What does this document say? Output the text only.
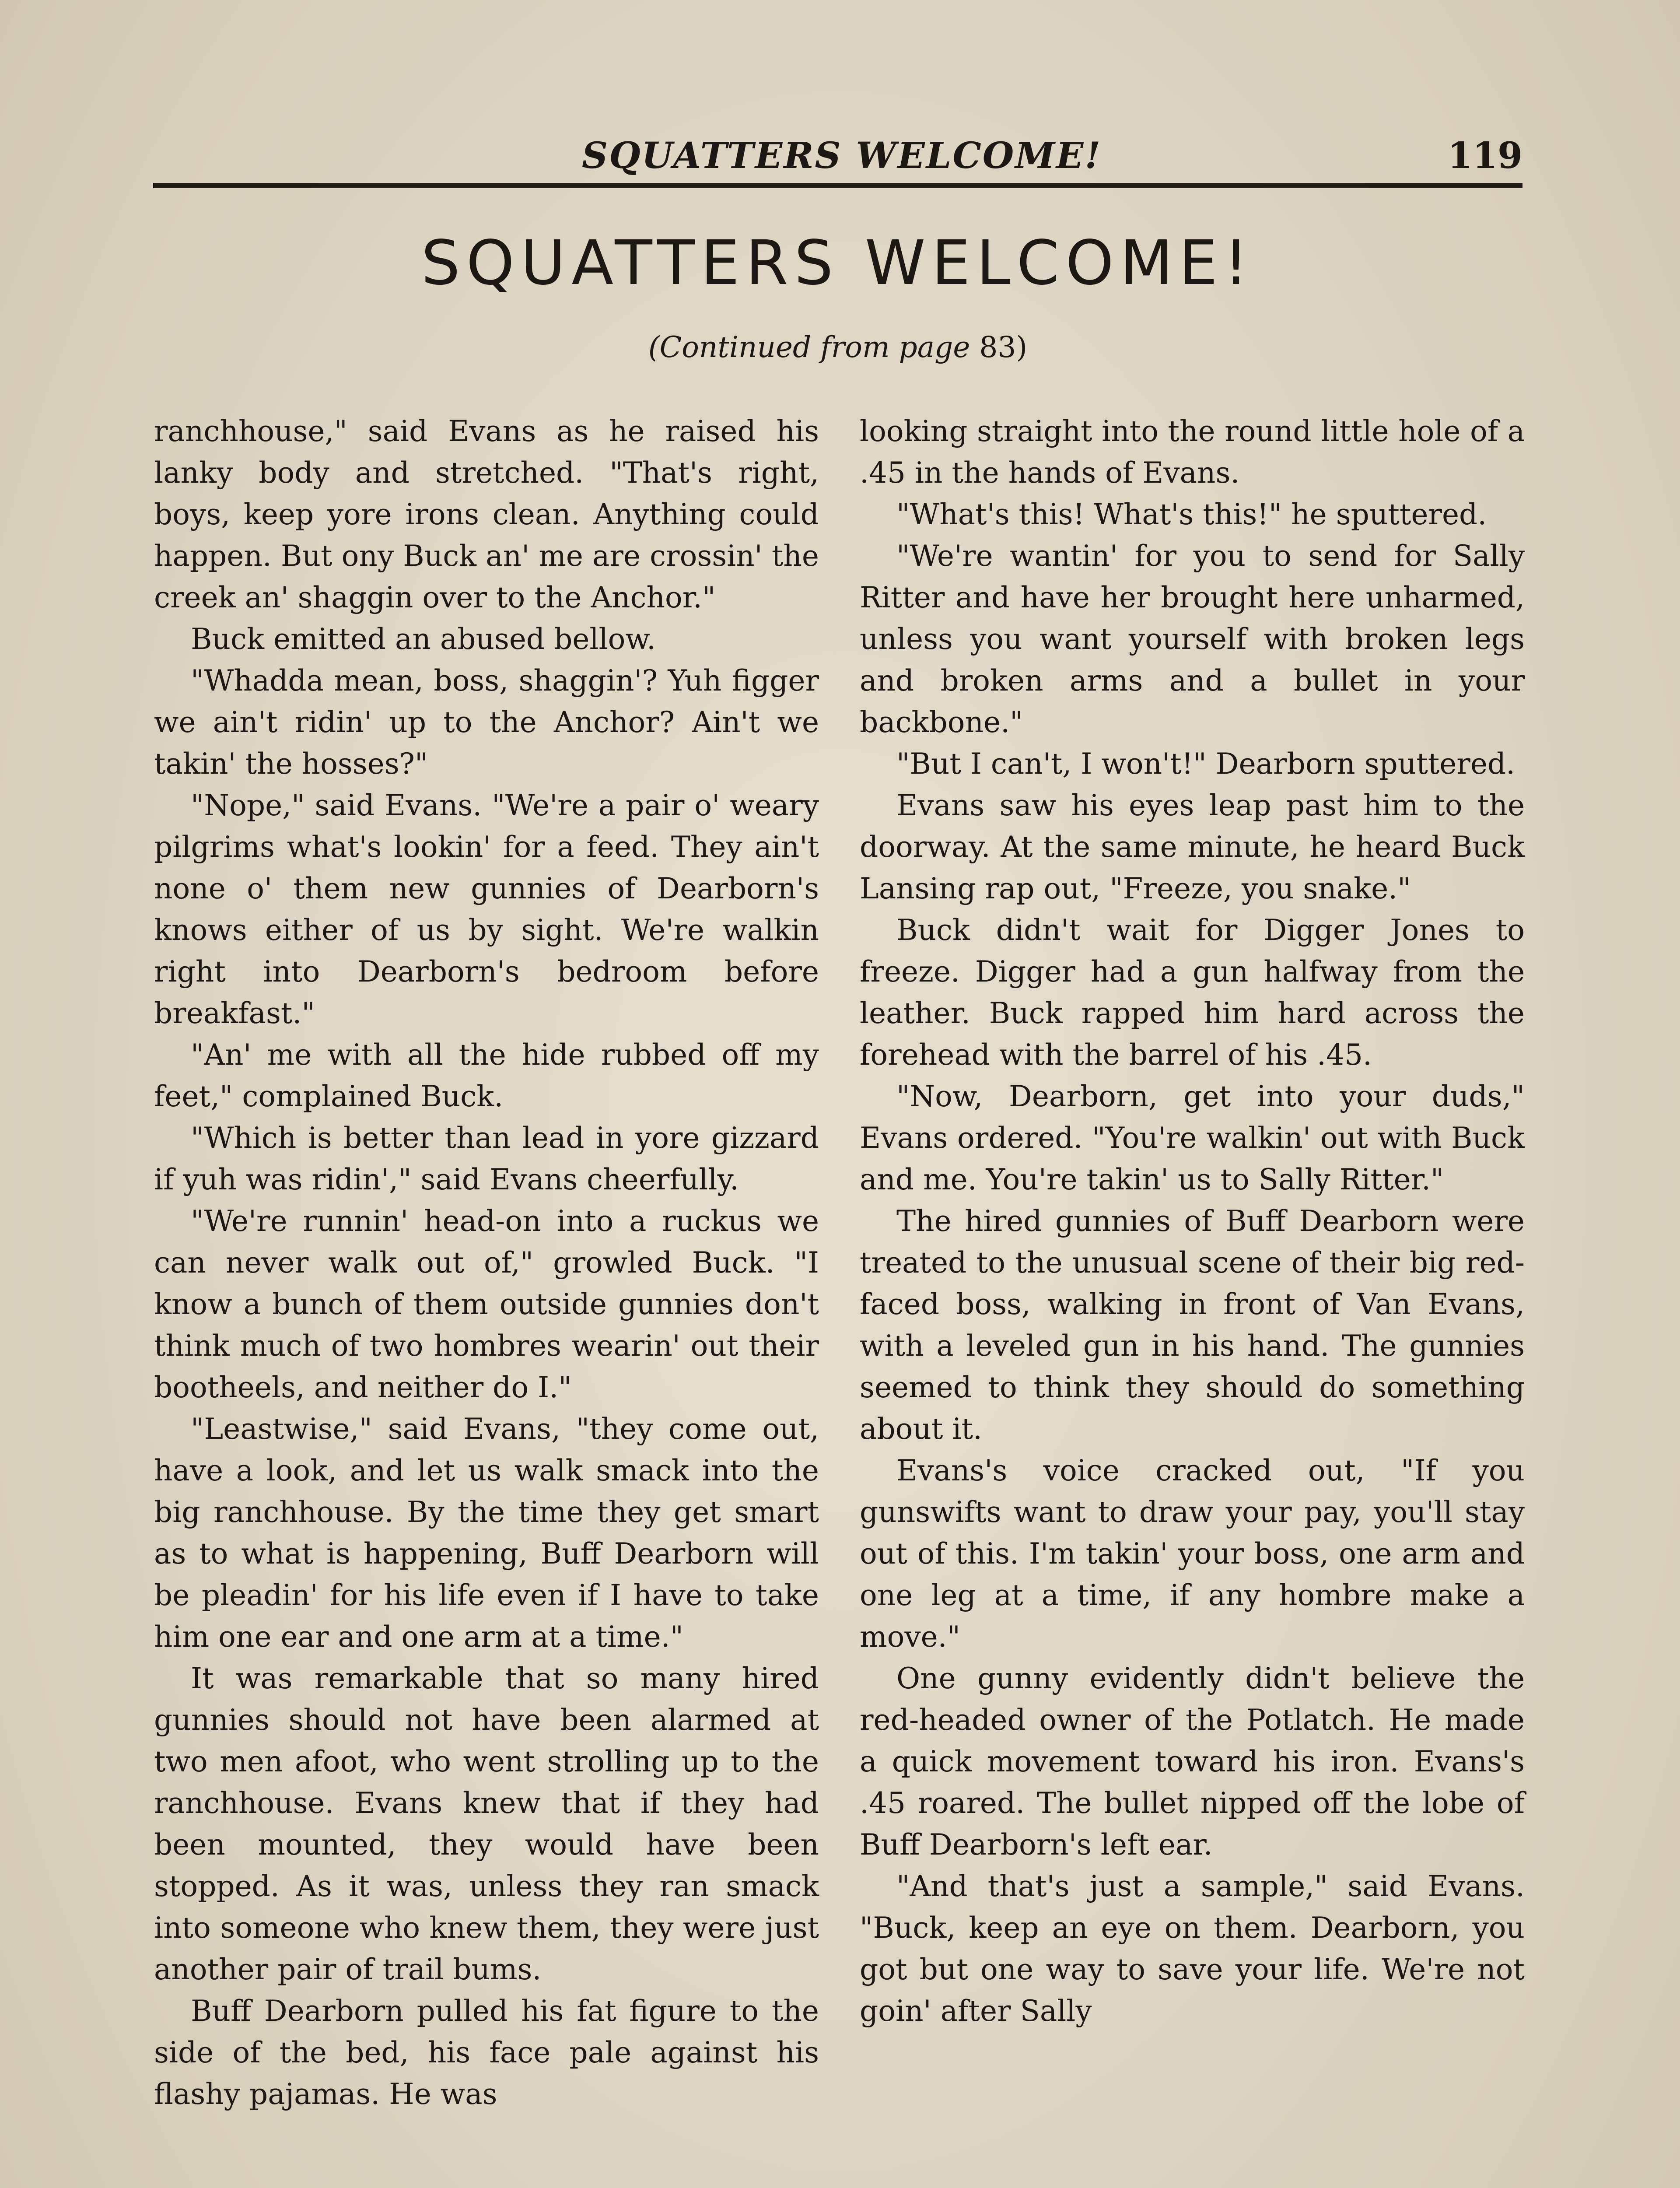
SQUATTERS WELCOME!	119
SQUATTERS WELCOME!
(Continued from page 83)

ranchhouse," said Evans as he raised his lanky body and stretched. "That's right, boys, keep yore irons clean. Anything could happen. But ony Buck an' me are crossin' the creek an' shaggin over to the Anchor."

Buck emitted an abused bellow.

"Whadda mean, boss, shaggin'? Yuh figger we ain't ridin' up to the Anchor? Ain't we takin' the hosses?"

"Nope," said Evans. "We're a pair o' weary pilgrims what's lookin' for a feed. They ain't none o' them new gunnies of Dearborn's knows either of us by sight. We're walkin right into Dearborn's bedroom before breakfast."

"An' me with all the hide rubbed off my feet," complained Buck.

"Which is better than lead in yore gizzard if yuh was ridin'," said Evans cheerfully.

"We're runnin' head-on into a ruckus we can never walk out of," growled Buck. "I know a bunch of them outside gunnies don't think much of two hombres wearin' out their bootheels, and neither do I."

"Leastwise," said Evans, "they come out, have a look, and let us walk smack into the big ranchhouse. By the time they get smart as to what is happening, Buff Dearborn will be pleadin' for his life even if I have to take him one ear and one arm at a time."

It was remarkable that so many hired gunnies should not have been alarmed at two men afoot, who went strolling up to the ranchhouse. Evans knew that if they had been mounted, they would have been stopped. As it was, unless they ran smack into someone who knew them, they were just another pair of trail bums.

Buff Dearborn pulled his fat figure to the side of the bed, his face pale against his flashy pajamas. He was

looking straight into the round little hole of a .45 in the hands of Evans.

"What's this! What's this!" he sputtered.

"We're wantin' for you to send for Sally Ritter and have her brought here unharmed, unless you want yourself with broken legs and broken arms and a bullet in your backbone."

"But I can't, I won't!" Dearborn sputtered.

Evans saw his eyes leap past him to the doorway. At the same minute, he heard Buck Lansing rap out, "Freeze, you snake."

Buck didn't wait for Digger Jones to freeze. Digger had a gun halfway from the leather. Buck rapped him hard across the forehead with the barrel of his .45.

"Now, Dearborn, get into your duds," Evans ordered. "You're walkin' out with Buck and me. You're takin' us to Sally Ritter."

The hired gunnies of Buff Dearborn were treated to the unusual scene of their big red-faced boss, walking in front of Van Evans, with a leveled gun in his hand. The gunnies seemed to think they should do something about it.

Evans's voice cracked out, "If you gunswifts want to draw your pay, you'll stay out of this. I'm takin' your boss, one arm and one leg at a time, if any hombre make a move."

One gunny evidently didn't believe the red-headed owner of the Potlatch. He made a quick movement toward his iron. Evans's .45 roared. The bullet nipped off the lobe of Buff Dearborn's left ear.

"And that's just a sample," said Evans. "Buck, keep an eye on them. Dearborn, you got but one way to save your life. We're not goin' after Sally
